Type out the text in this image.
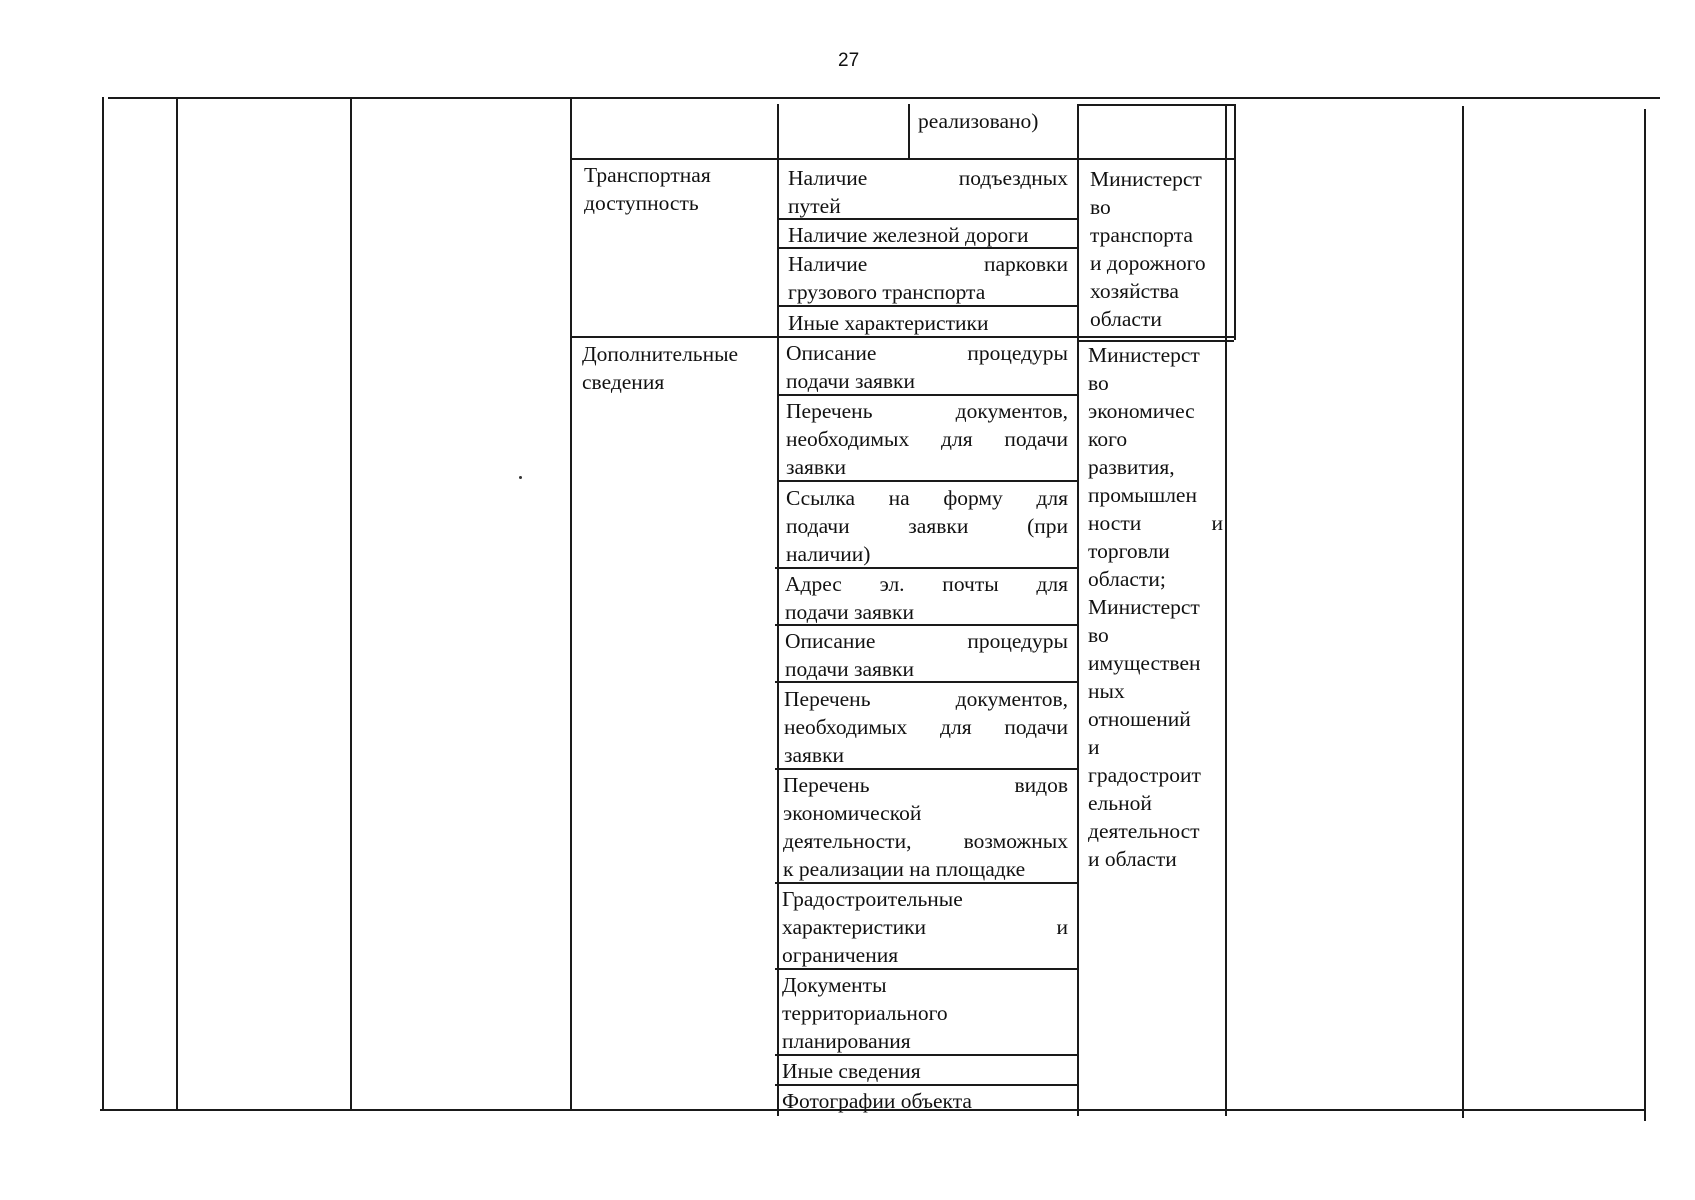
27
реализовано)
Транспортная доступность
Наличие подъездных
путей
Наличие железной дороги
Наличие парковки
грузового транспорта
Иные характеристики
Министерст
во
транспорта
и дорожного
хозяйства
области
Дополнительные сведения
Описание процедуры
подачи заявки
Перечень документов,
необходимых для подачи
заявки
Ссылка на форму для
подачи заявки (при
наличии)
Адрес эл. почты для
подачи заявки
Описание процедуры
подачи заявки
Перечень документов,
необходимых для подачи
заявки
Перечень видов
экономической
деятельности, возможных
к реализации на площадке
Градостроительные
характеристики и
ограничения
Документы территориального планирования
Иные сведения
Фотографии объекта
Министерст
во
экономичес
кого
развития,
промышлен
ности	и
торговли
области;
Министерст
во
имуществен
ных
отношений
и
градостроит
ельной
деятельност
и области
